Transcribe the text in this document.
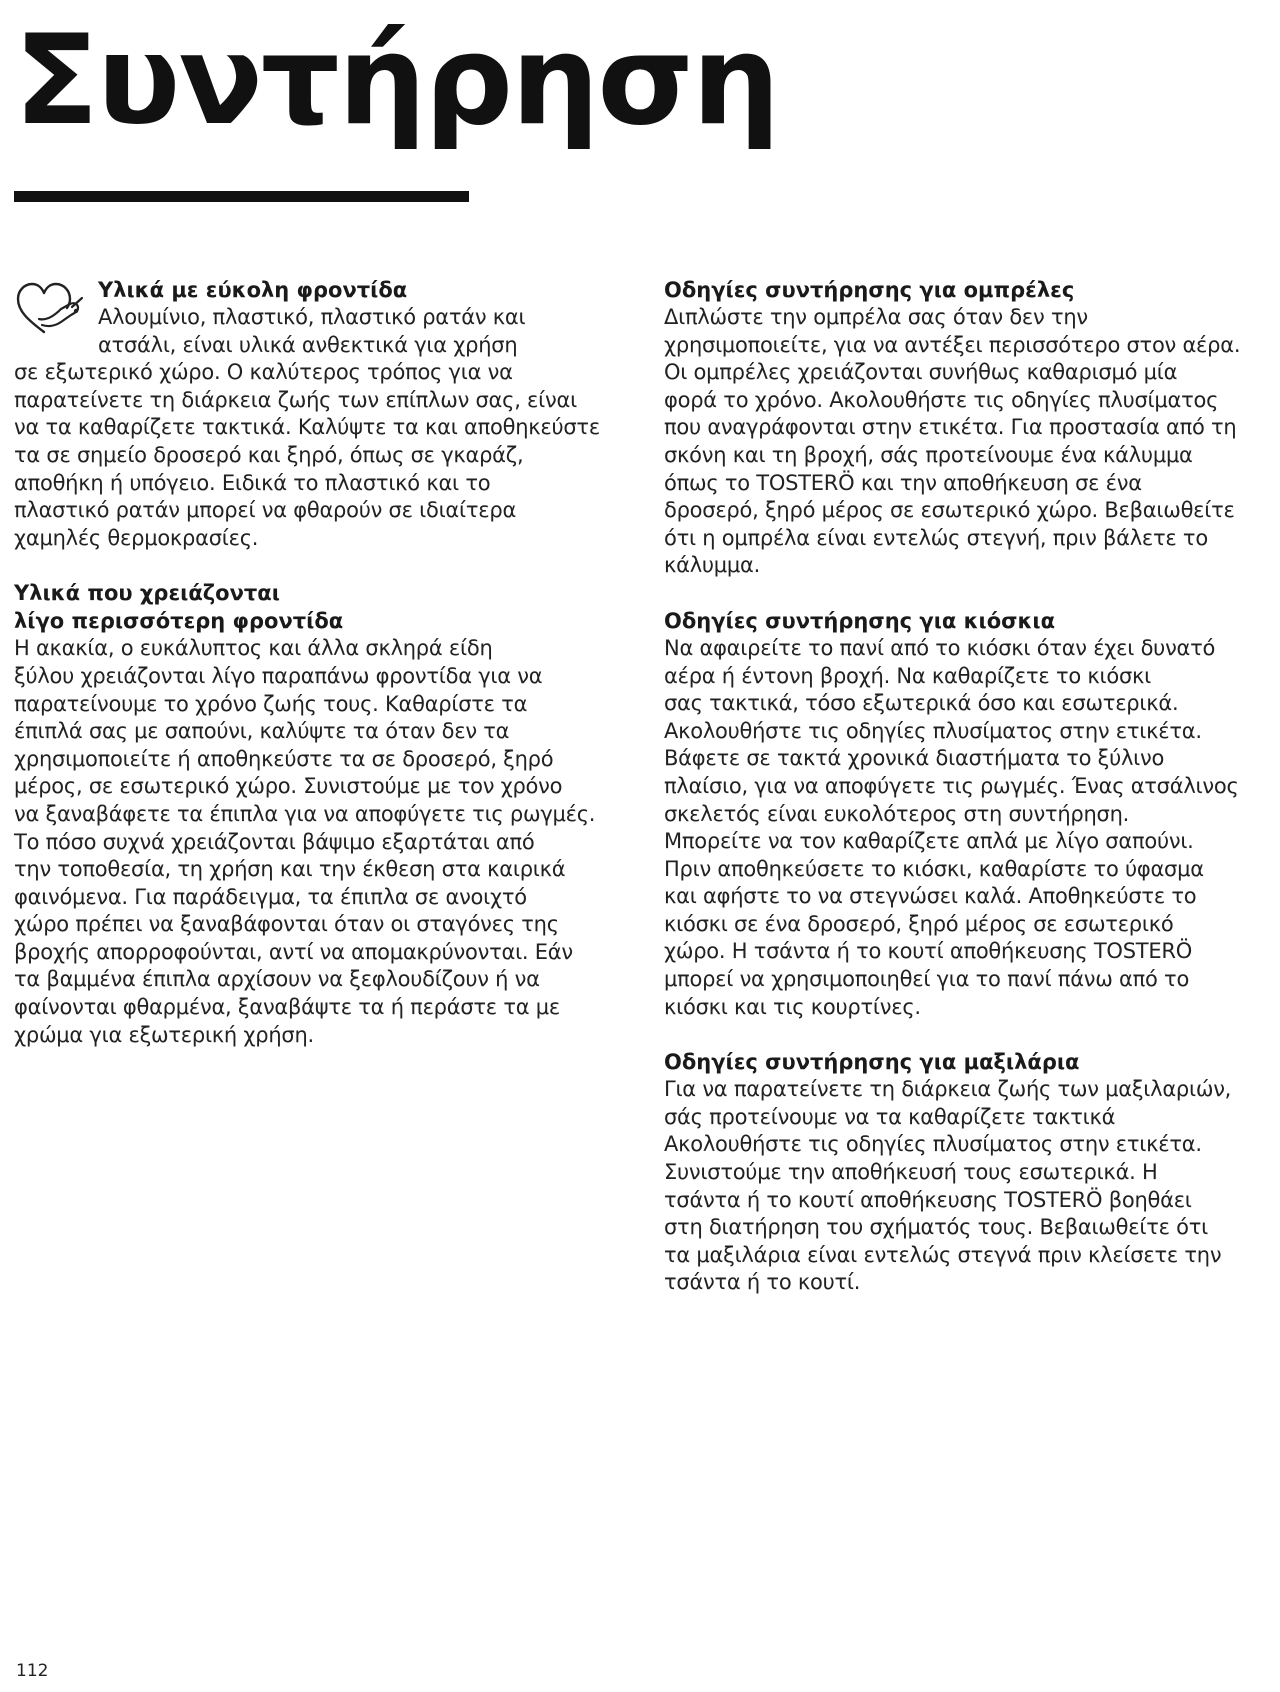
Συντήρηση
Υλικά με εύκολη φροντίδα

Αλουμίνιο, πλαστικό, πλαστικό ρατάν και
ατσάλι, είναι υλικά ανθεκτικά για χρήση
σε εξωτερικό χώρο. Ο καλύτερος τρόπος για να
παρατείνετε τη διάρκεια ζωής των επίπλων σας, είναι
να τα καθαρίζετε τακτικά. Καλύψτε τα και αποθηκεύστε
τα σε σημείο δροσερό και ξηρό, όπως σε γκαράζ,
αποθήκη ή υπόγειο. Ειδικά το πλαστικό και το
πλαστικό ρατάν μπορεί να φθαρούν σε ιδιαίτερα
χαμηλές θερμοκρασίες.

Υλικά που χρειάζονται
λίγο περισσότερη φροντίδα

Η ακακία, ο ευκάλυπτος και άλλα σκληρά είδη
ξύλου χρειάζονται λίγο παραπάνω φροντίδα για να
παρατείνουμε το χρόνο ζωής τους. Καθαρίστε τα
έπιπλά σας με σαπούνι, καλύψτε τα όταν δεν τα
χρησιμοποιείτε ή αποθηκεύστε τα σε δροσερό, ξηρό
μέρος, σε εσωτερικό χώρο. Συνιστούμε με τον χρόνο
να ξαναβάφετε τα έπιπλα για να αποφύγετε τις ρωγμές.
Το πόσο συχνά χρειάζονται βάψιμο εξαρτάται από
την τοποθεσία, τη χρήση και την έκθεση στα καιρικά
φαινόμενα. Για παράδειγμα, τα έπιπλα σε ανοιχτό
χώρο πρέπει να ξαναβάφονται όταν οι σταγόνες της
βροχής απορροφούνται, αντί να απομακρύνονται. Εάν
τα βαμμένα έπιπλα αρχίσουν να ξεφλουδίζουν ή να
φαίνονται φθαρμένα, ξαναβάψτε τα ή περάστε τα με
χρώμα για εξωτερική χρήση.

Οδηγίες συντήρησης για ομπρέλες

Διπλώστε την ομπρέλα σας όταν δεν την
χρησιμοποιείτε, για να αντέξει περισσότερο στον αέρα.
Οι ομπρέλες χρειάζονται συνήθως καθαρισμό μία
φορά το χρόνο. Ακολουθήστε τις οδηγίες πλυσίματος
που αναγράφονται στην ετικέτα. Για προστασία από τη
σκόνη και τη βροχή, σάς προτείνουμε ένα κάλυμμα
όπως το TOSTERÖ και την αποθήκευση σε ένα
δροσερό, ξηρό μέρος σε εσωτερικό χώρο. Βεβαιωθείτε
ότι η ομπρέλα είναι εντελώς στεγνή, πριν βάλετε το
κάλυμμα.

Οδηγίες συντήρησης για κιόσκια

Να αφαιρείτε το πανί από το κιόσκι όταν έχει δυνατό
αέρα ή έντονη βροχή. Να καθαρίζετε το κιόσκι
σας τακτικά, τόσο εξωτερικά όσο και εσωτερικά.
Ακολουθήστε τις οδηγίες πλυσίματος στην ετικέτα.
Βάφετε σε τακτά χρονικά διαστήματα το ξύλινο
πλαίσιο, για να αποφύγετε τις ρωγμές. Ένας ατσάλινος
σκελετός είναι ευκολότερος στη συντήρηση.
Μπορείτε να τον καθαρίζετε απλά με λίγο σαπούνι.
Πριν αποθηκεύσετε το κιόσκι, καθαρίστε το ύφασμα
και αφήστε το να στεγνώσει καλά. Αποθηκεύστε το
κιόσκι σε ένα δροσερό, ξηρό μέρος σε εσωτερικό
χώρο. Η τσάντα ή το κουτί αποθήκευσης TOSTERÖ
μπορεί να χρησιμοποιηθεί για το πανί πάνω από το
κιόσκι και τις κουρτίνες.

Οδηγίες συντήρησης για μαξιλάρια

Για να παρατείνετε τη διάρκεια ζωής των μαξιλαριών,
σάς προτείνουμε να τα καθαρίζετε τακτικά
Ακολουθήστε τις οδηγίες πλυσίματος στην ετικέτα.
Συνιστούμε την αποθήκευσή τους εσωτερικά. Η
τσάντα ή το κουτί αποθήκευσης TOSTERÖ βοηθάει
στη διατήρηση του σχήματός τους. Βεβαιωθείτε ότι
τα μαξιλάρια είναι εντελώς στεγνά πριν κλείσετε την
τσάντα ή το κουτί.

112
